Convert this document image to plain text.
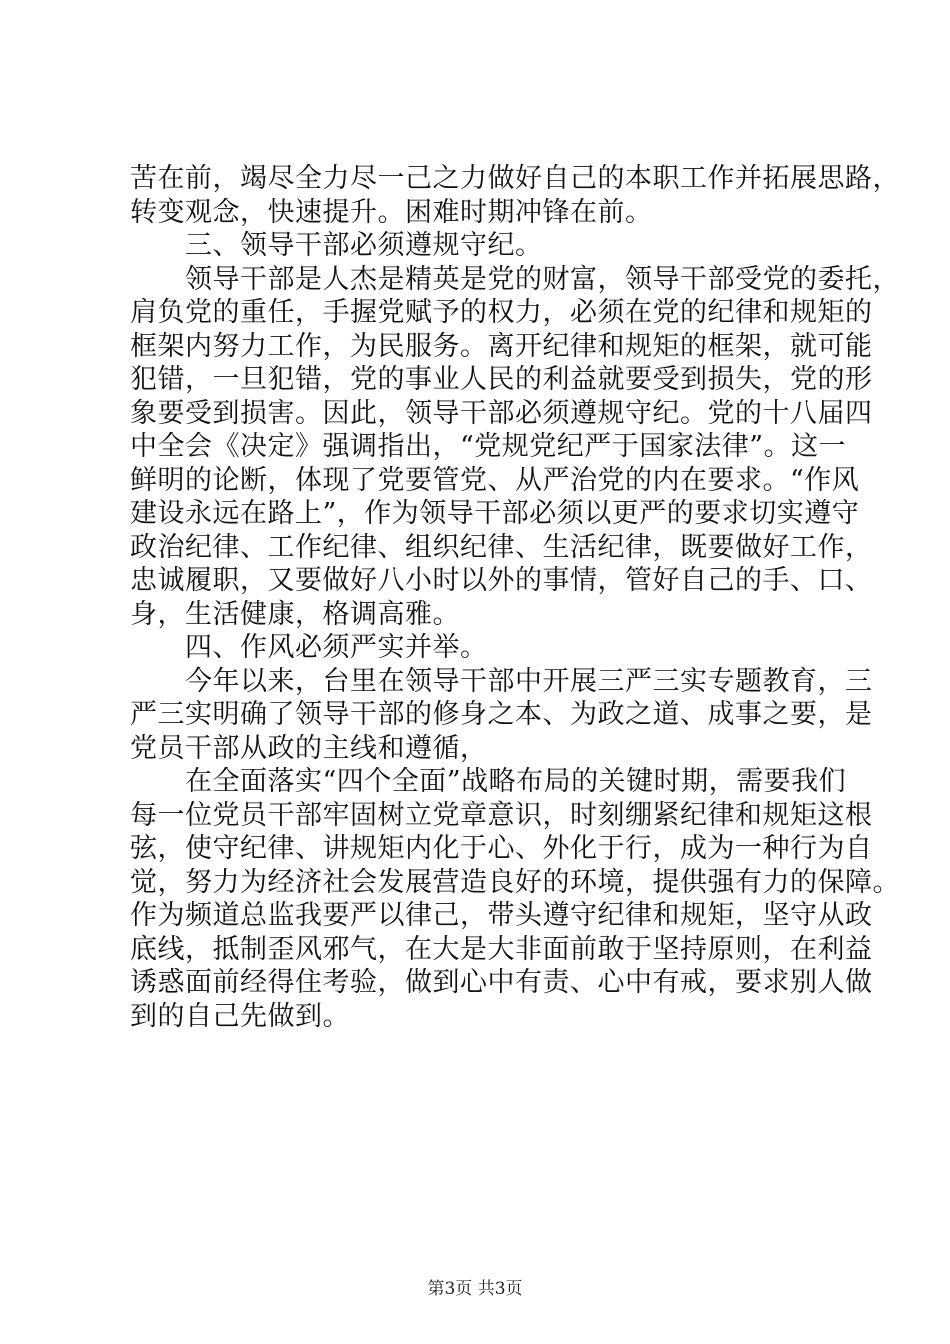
苦在前，竭尽全力尽一己之力做好自己的本职工作并拓展思路，
转变观念，快速提升。困难时期冲锋在前。
　　三、领导干部必须遵规守纪。
　　领导干部是人杰是精英是党的财富，领导干部受党的委托，
肩负党的重任，手握党赋予的权力，必须在党的纪律和规矩的
框架内努力工作，为民服务。离开纪律和规矩的框架，就可能
犯错，一旦犯错，党的事业人民的利益就要受到损失，党的形
象要受到损害。因此，领导干部必须遵规守纪。党的十八届四
中全会《决定》强调指出，“党规党纪严于国家法律”。这一
鲜明的论断，体现了党要管党、从严治党的内在要求。“作风
建设永远在路上”，作为领导干部必须以更严的要求切实遵守
政治纪律、工作纪律、组织纪律、生活纪律，既要做好工作，
忠诚履职，又要做好八小时以外的事情，管好自己的手、口、
身，生活健康，格调高雅。
　　四、作风必须严实并举。
　　今年以来，台里在领导干部中开展三严三实专题教育，三
严三实明确了领导干部的修身之本、为政之道、成事之要，是
党员干部从政的主线和遵循，
　　在全面落实“四个全面”战略布局的关键时期，需要我们
每一位党员干部牢固树立党章意识，时刻绷紧纪律和规矩这根
弦，使守纪律、讲规矩内化于心、外化于行，成为一种行为自
觉，努力为经济社会发展营造良好的环境，提供强有力的保障。
作为频道总监我要严以律己，带头遵守纪律和规矩，坚守从政
底线，抵制歪风邪气，在大是大非面前敢于坚持原则，在利益
诱惑面前经得住考验，做到心中有责、心中有戒，要求别人做
到的自己先做到。
第3页 共3页
